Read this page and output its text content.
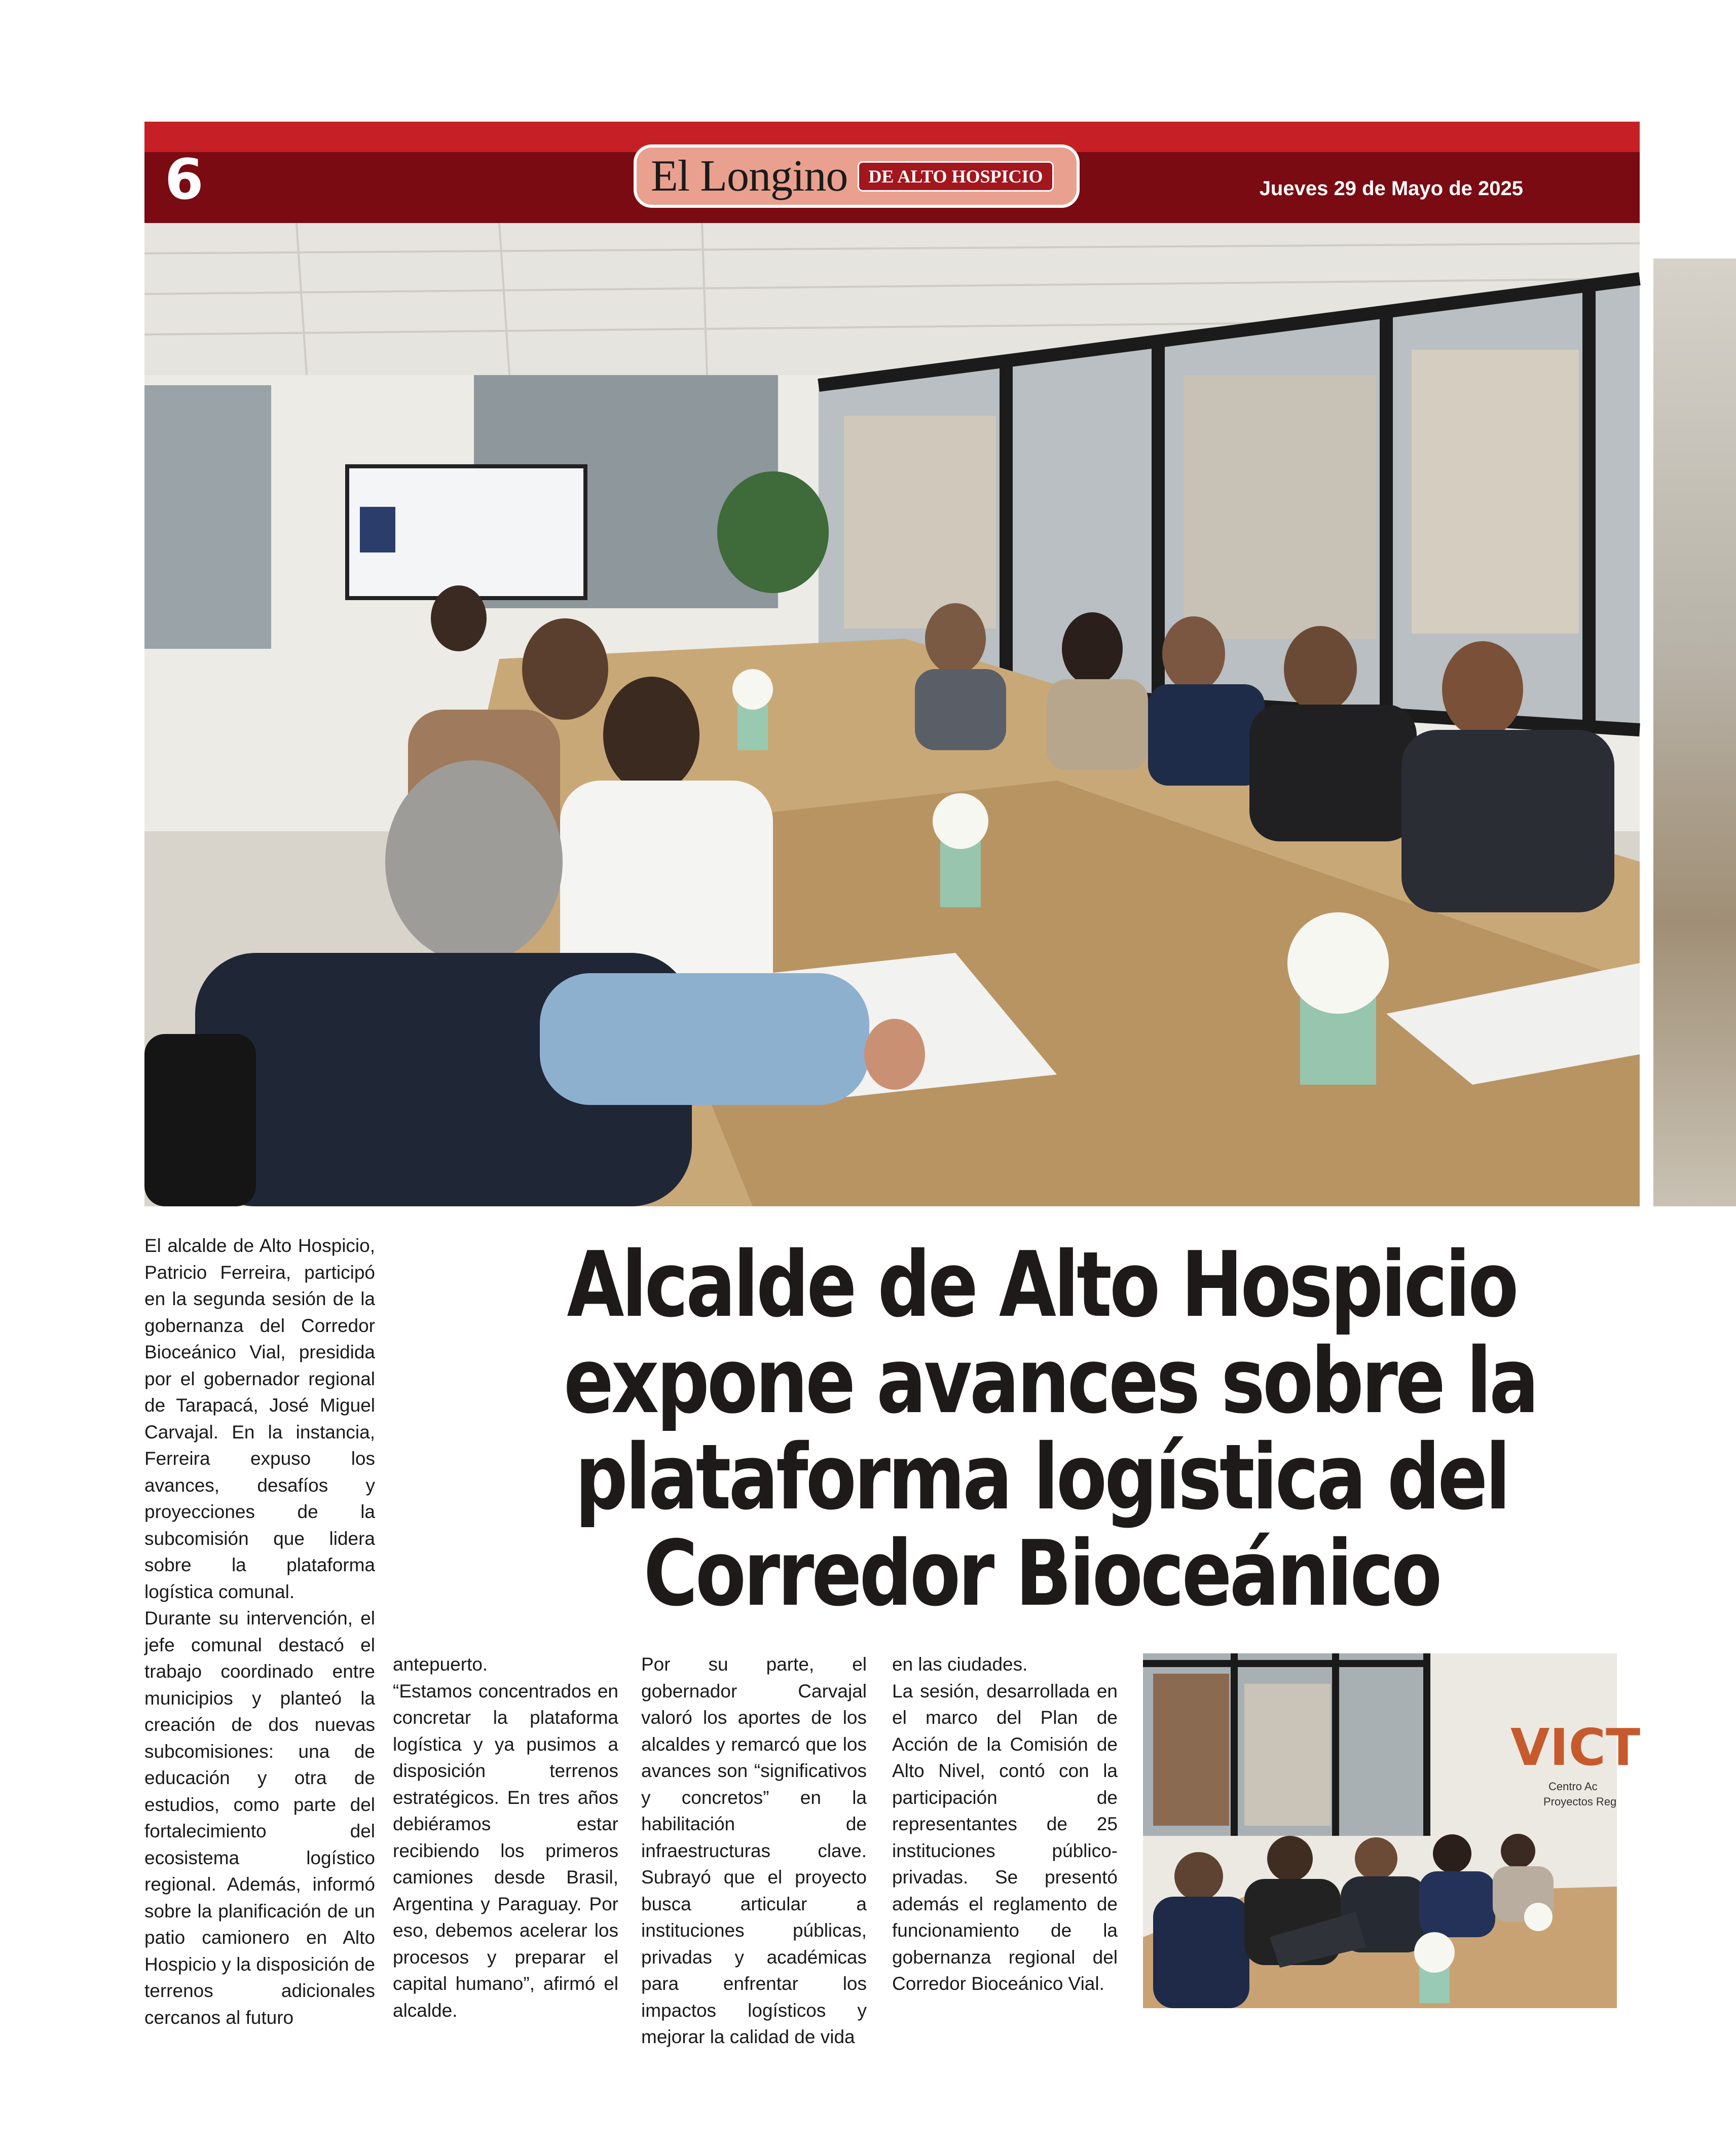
6	El Longino	DE ALTO HOSPICIO
Jueves 29 de Mayo de 2025
Alcalde de Alto Hospicio
expone avances sobre la
plataforma logística del
Corredor Bioceánico

El alcalde de Alto Hospicio, Patricio Ferreira, participó en la segunda sesión de la gobernanza del Corredor Bioceánico Vial, presidida por el gobernador regional de Tarapacá, José Miguel Carvajal. En la instancia, Ferreira expuso los avances, desafíos y proyecciones de la subcomisión que lidera sobre la plataforma logística comunal.

Durante su intervención, el jefe comunal destacó el trabajo coordinado entre municipios y planteó la creación de dos nuevas subcomisiones: una de educación y otra de estudios, como parte del fortalecimiento del ecosistema logístico regional. Además, informó sobre la planificación de un patio camionero en Alto Hospicio y la disposición de terrenos adicionales cercanos al futuro

antepuerto.

“Estamos concentrados en concretar la plataforma logística y ya pusimos a disposición terrenos estratégicos. En tres años debiéramos estar recibiendo los primeros camiones desde Brasil, Argentina y Paraguay. Por eso, debemos acelerar los procesos y preparar el capital humano”, afirmó el alcalde.

Por su parte, el gobernador Carvajal valoró los aportes de los alcaldes y remarcó que los avances son “significativos y concretos” en la habilitación de infraestructuras clave. Subrayó que el proyecto busca articular a instituciones públicas, privadas y académicas para enfrentar los impactos logísticos y mejorar la calidad de vida

en las ciudades.

La sesión, desarrollada en el marco del Plan de Acción de la Comisión de Alto Nivel, contó con la participación de representantes de 25 instituciones público-privadas. Se presentó además el reglamento de funcionamiento de la gobernanza regional del Corredor Bioceánico Vial.

VICT
Centro Ac
Proyectos Reg
